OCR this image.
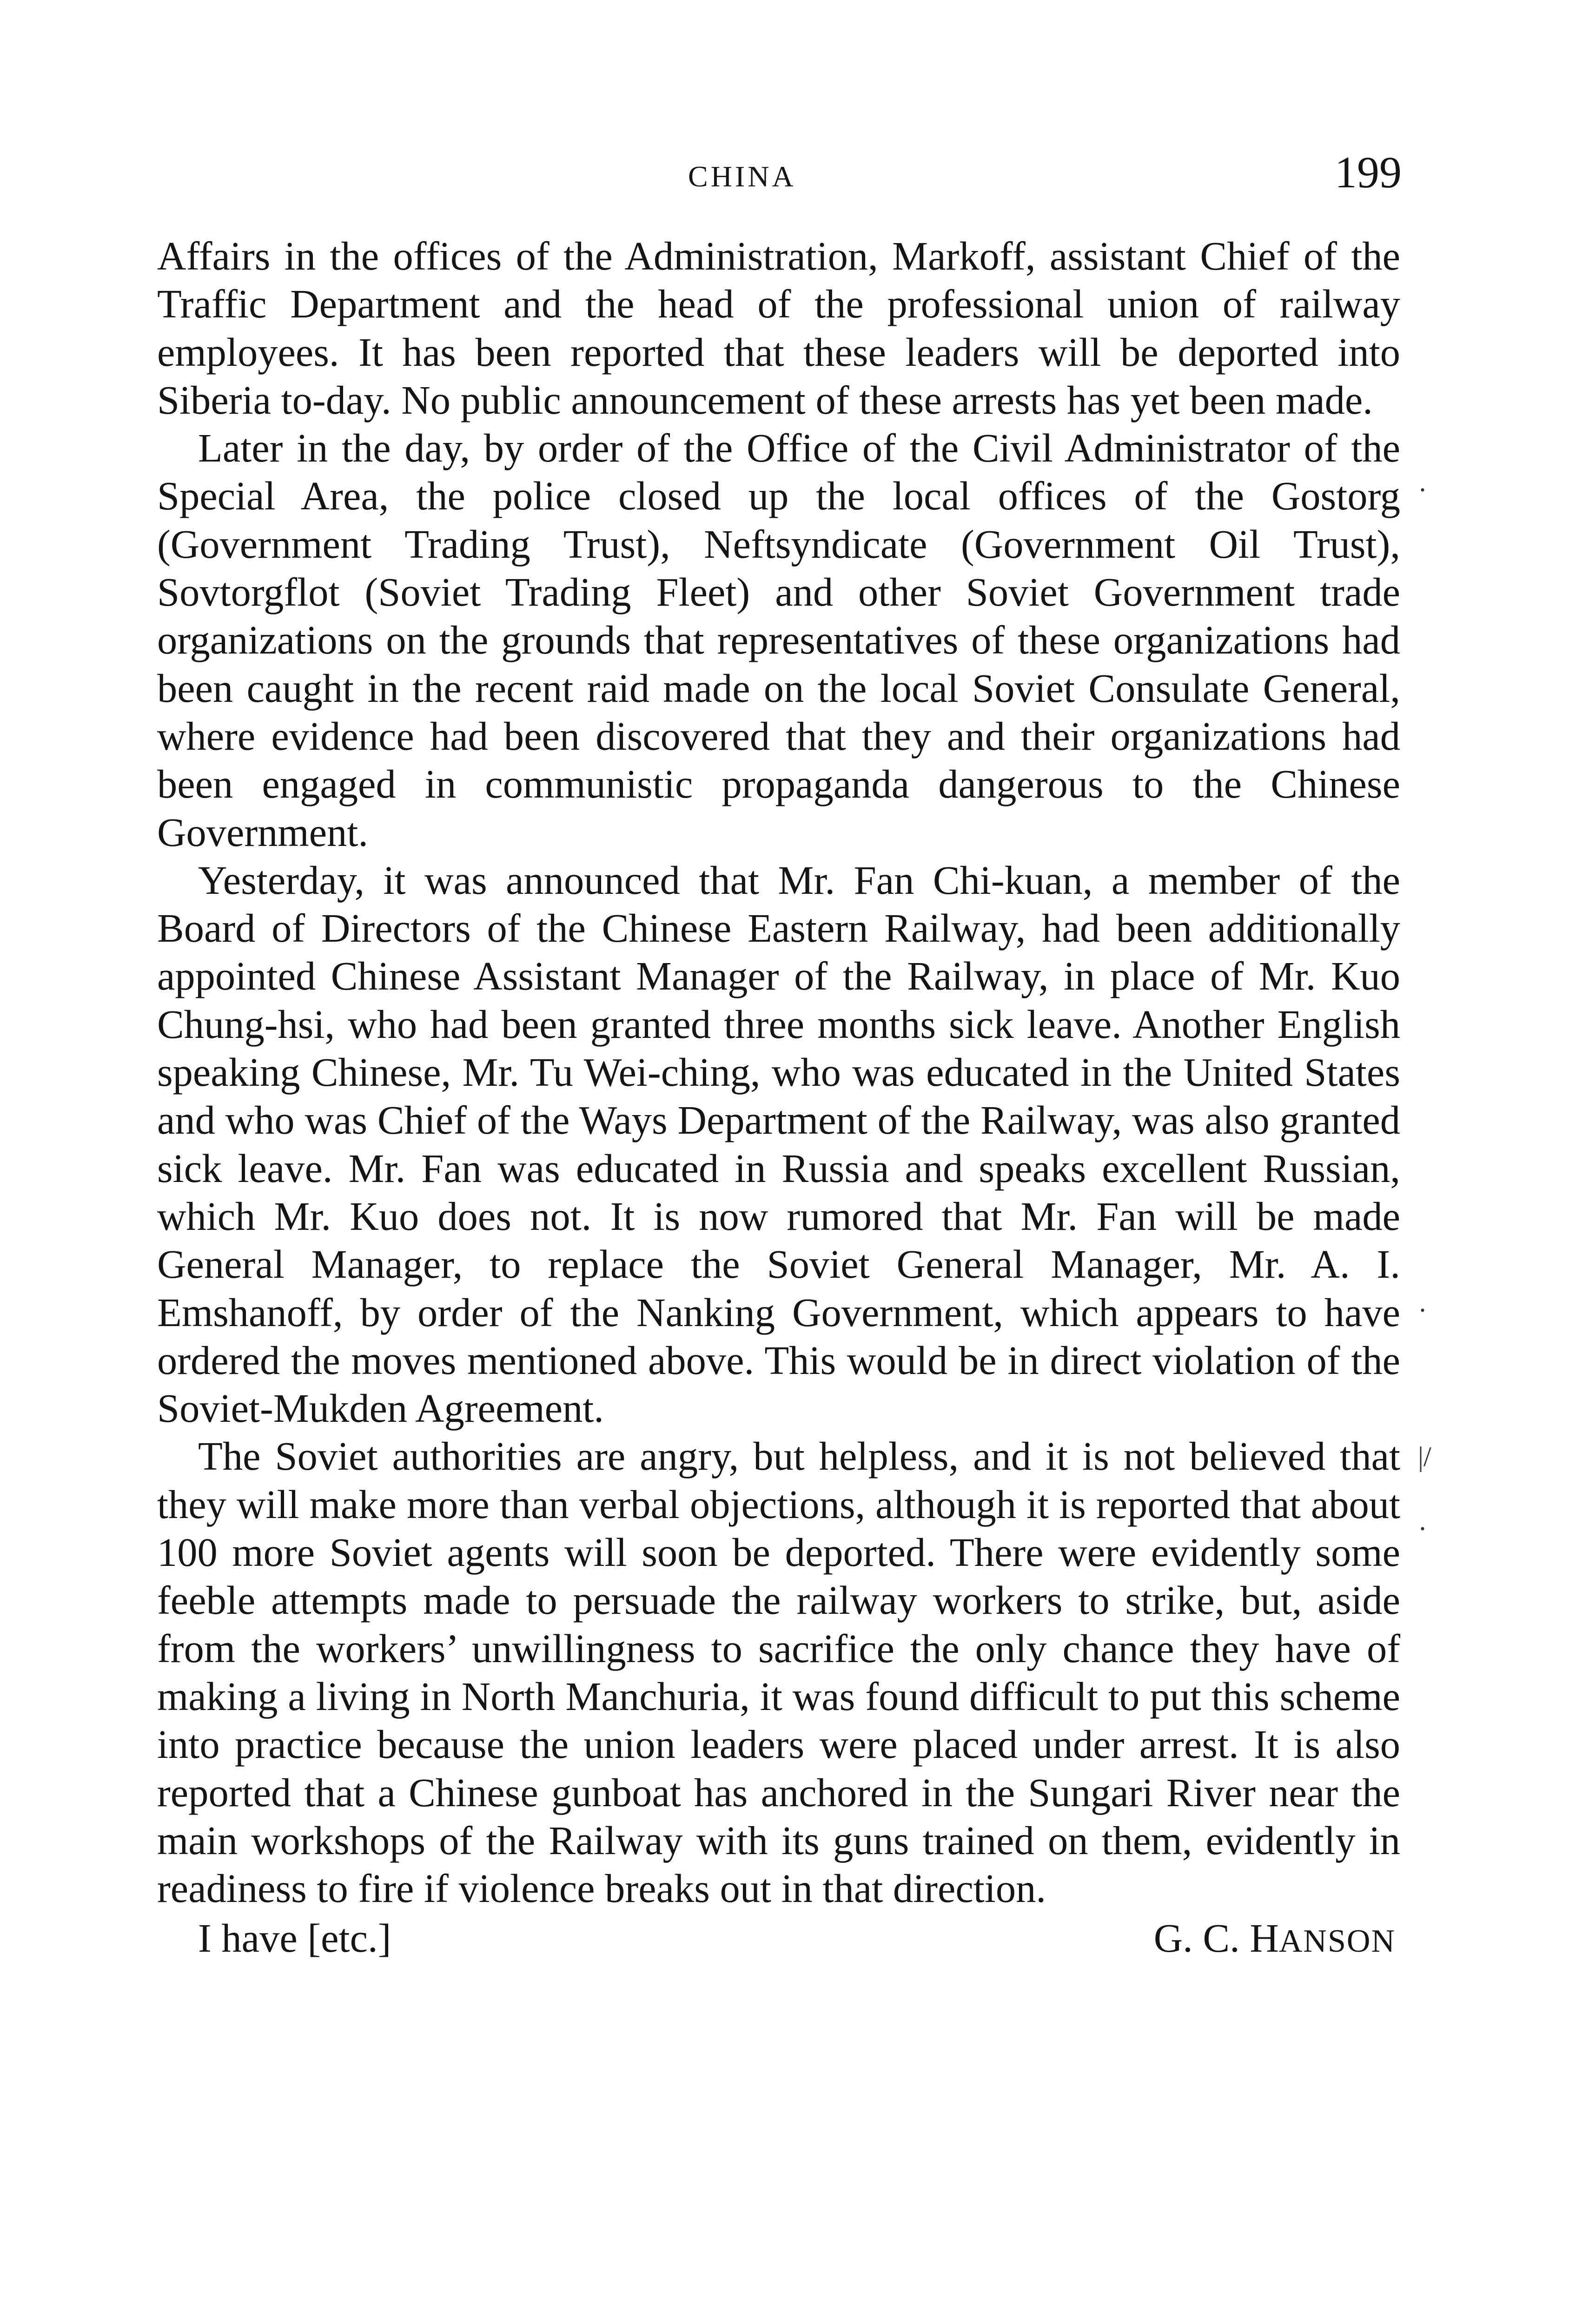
CHINA	199

Affairs in the offices of the Administration, Markoff, assistant Chief of the Traffic Department and the head of the professional union of railway employees. It has been reported that these leaders will be deported into Siberia to-day. No public announcement of these arrests has yet been made.

Later in the day, by order of the Office of the Civil Administrator of the Special Area, the police closed up the local offices of the Gostorg (Government Trading Trust), Neftsyndicate (Government Oil Trust), Sovtorgflot (Soviet Trading Fleet) and other Soviet Government trade organizations on the grounds that representatives of these organizations had been caught in the recent raid made on the local Soviet Consulate General, where evidence had been discovered that they and their organizations had been engaged in communistic propaganda dangerous to the Chinese Government.

Yesterday, it was announced that Mr. Fan Chi-kuan, a member of the Board of Directors of the Chinese Eastern Railway, had been additionally appointed Chinese Assistant Manager of the Railway, in place of Mr. Kuo Chung-hsi, who had been granted three months sick leave. Another English speaking Chinese, Mr. Tu Wei-ching, who was educated in the United States and who was Chief of the Ways Department of the Railway, was also granted sick leave. Mr. Fan was educated in Russia and speaks excellent Russian, which Mr. Kuo does not. It is now rumored that Mr. Fan will be made General Manager, to replace the Soviet General Manager, Mr. A. I. Emshanoff, by order of the Nanking Government, which appears to have ordered the moves mentioned above. This would be in direct violation of the Soviet-Mukden Agreement.

The Soviet authorities are angry, but helpless, and it is not believed that they will make more than verbal objections, although it is reported that about 100 more Soviet agents will soon be deported. There were evidently some feeble attempts made to persuade the railway workers to strike, but, aside from the workers’ unwillingness to sacrifice the only chance they have of making a living in North Manchuria, it was found difficult to put this scheme into practice because the union leaders were placed under arrest. It is also reported that a Chinese gunboat has anchored in the Sungari River near the main workshops of the Railway with its guns trained on them, evidently in readiness to fire if violence breaks out in that direction.

I have [etc.]	G. C. HANSON
·
·
|/
·
